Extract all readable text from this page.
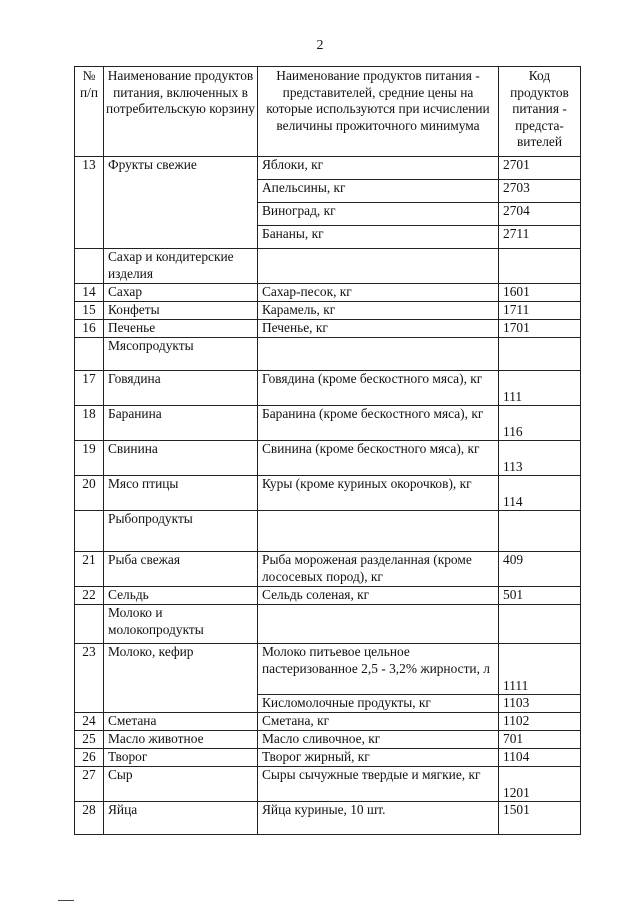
2
№ п/п	Наименование продуктов питания, включенных в потребительскую корзину	Наименование продуктов питания - представителей, средние цены на которые используются при исчислении величины прожиточного минимума	Код продуктов питания - предста-вителей
13	Фрукты свежие	Яблоки, кг	2701
		Апельсины, кг	2703
		Виноград, кг	2704
		Бананы, кг	2711
	Сахар и кондитерские изделия		
14	Сахар	Сахар-песок, кг	1601
15	Конфеты	Карамель, кг	1711
16	Печенье	Печенье, кг	1701
	Мясопродукты		
17	Говядина	Говядина (кроме бескостного мяса), кг	111
18	Баранина	Баранина (кроме бескостного мяса), кг	116
19	Свинина	Свинина (кроме бескостного мяса), кг	113
20	Мясо птицы	Куры (кроме куриных окорочков), кг	114
	Рыбопродукты		
21	Рыба свежая	Рыба мороженая разделанная (кроме лососевых пород), кг	409
22	Сельдь	Сельдь соленая, кг	501
	Молоко и молокопродукты		
23	Молоко, кефир	Молоко питьевое цельное пастеризованное 2,5 - 3,2% жирности, л	1111
		Кисломолочные продукты, кг	1103
24	Сметана	Сметана, кг	1102
25	Масло животное	Масло сливочное, кг	701
26	Творог	Творог жирный, кг	1104
27	Сыр	Сыры сычужные твердые и мягкие, кг	1201
28	Яйца	Яйца куриные, 10 шт.	1501
